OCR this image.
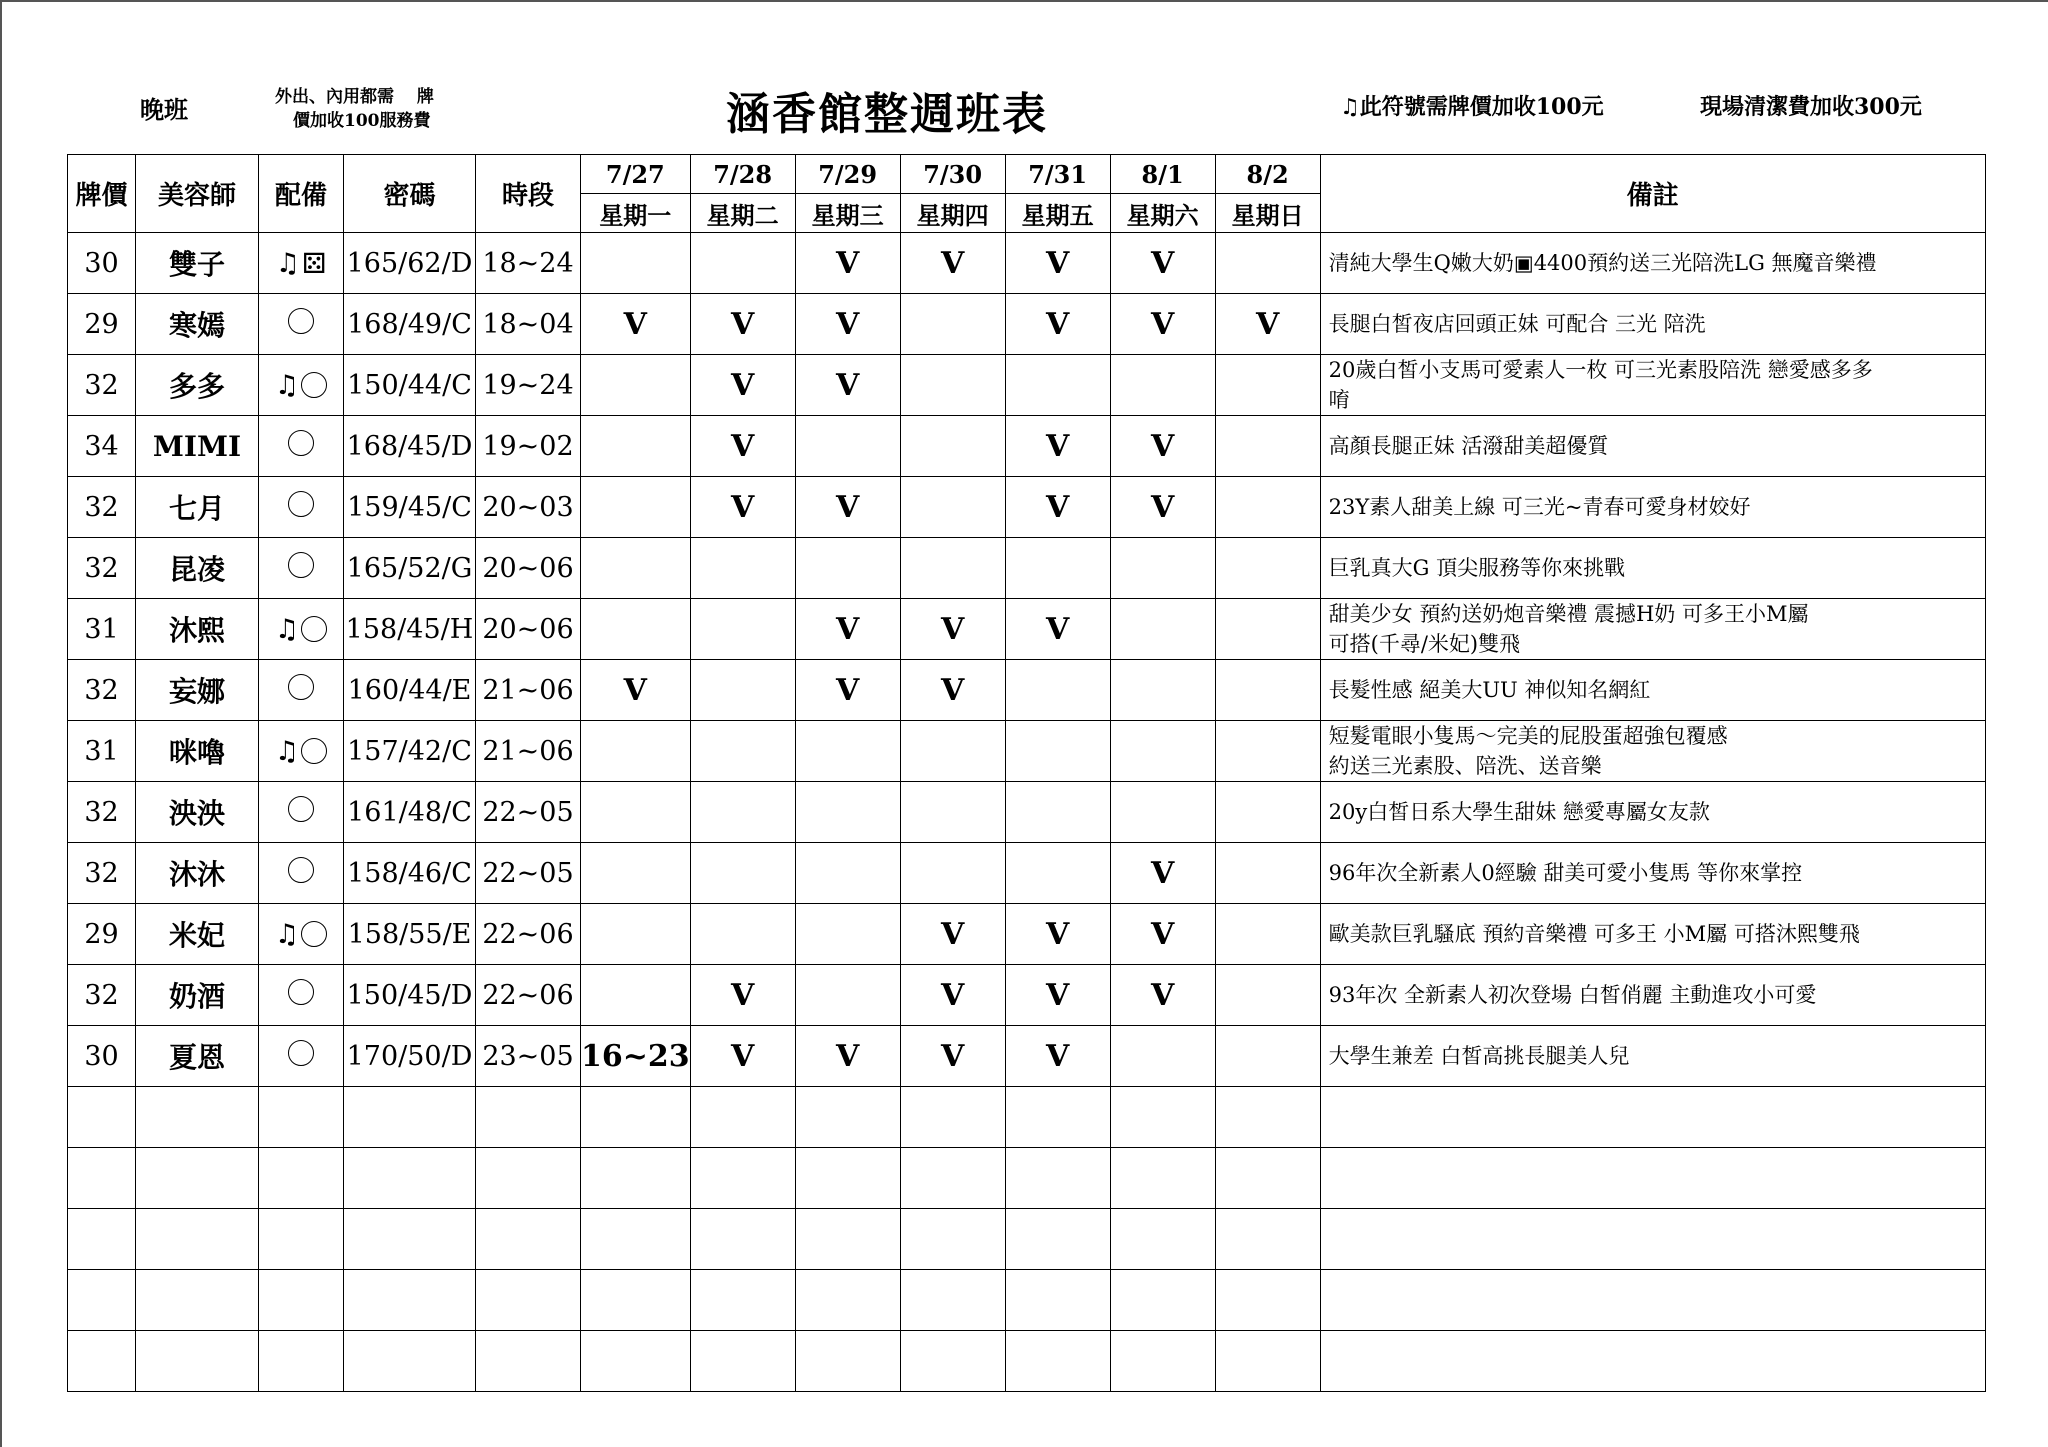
晚班	外出、內用都需　 牌
價加收100服務費	涵香館整週班表	♫此符號需牌價加收100元	現場清潔費加收300元
牌價	美容師	配備	密碼	時段	7/27	7/28	7/29	7/30	7/31	8/1	8/2	備註
					星期一	星期二	星期三	星期四	星期五	星期六	星期日	
30	雙子	♫ ⚄	165/62/D	18~24			V	V	V	V		清純大學生Q嫩大奶▣4400預約送三光陪洗LG 無魔音樂禮

29	寒嫣		168/49/C	18~04	V	V	V		V	V	V	長腿白皙夜店回頭正妹 可配合 三光 陪洗

32	多多	♫	150/44/C	19~24		V	V					20歲白皙小支馬可愛素人一枚 可三光素股陪洗 戀愛感多多
唷

34	MIMI		168/45/D	19~02		V			V	V		高顏長腿正妹 活潑甜美超優質

32	七月		159/45/C	20~03		V	V		V	V		23Y素人甜美上線 可三光~青春可愛身材姣好

32	昆凌		165/52/G	20~06								巨乳真大G 頂尖服務等你來挑戰

31	沐熙	♫	158/45/H	20~06			V	V	V			甜美少女 預約送奶炮音樂禮 震撼H奶 可多王小M屬
可搭(千尋/米妃)雙飛

32	妄娜		160/44/E	21~06	V		V	V				長髮性感 絕美大UU 神似知名網紅

31	咪嚕	♫	157/42/C	21~06								短髮電眼小隻馬～完美的屁股蛋超強包覆感
約送三光素股、陪洗、送音樂

32	泱泱		161/48/C	22~05								20y白皙日系大學生甜妹 戀愛專屬女友款

32	沐沐		158/46/C	22~05						V		96年次全新素人0經驗 甜美可愛小隻馬 等你來掌控

29	米妃	♫	158/55/E	22~06				V	V	V		歐美款巨乳騷底 預約音樂禮 可多王 小M屬 可搭沐熙雙飛

32	奶酒		150/45/D	22~06		V		V	V	V		93年次 全新素人初次登場 白皙俏麗 主動進攻小可愛

30	夏恩		170/50/D	23~05	16~23	V	V	V	V			大學生兼差 白皙高挑長腿美人兒
